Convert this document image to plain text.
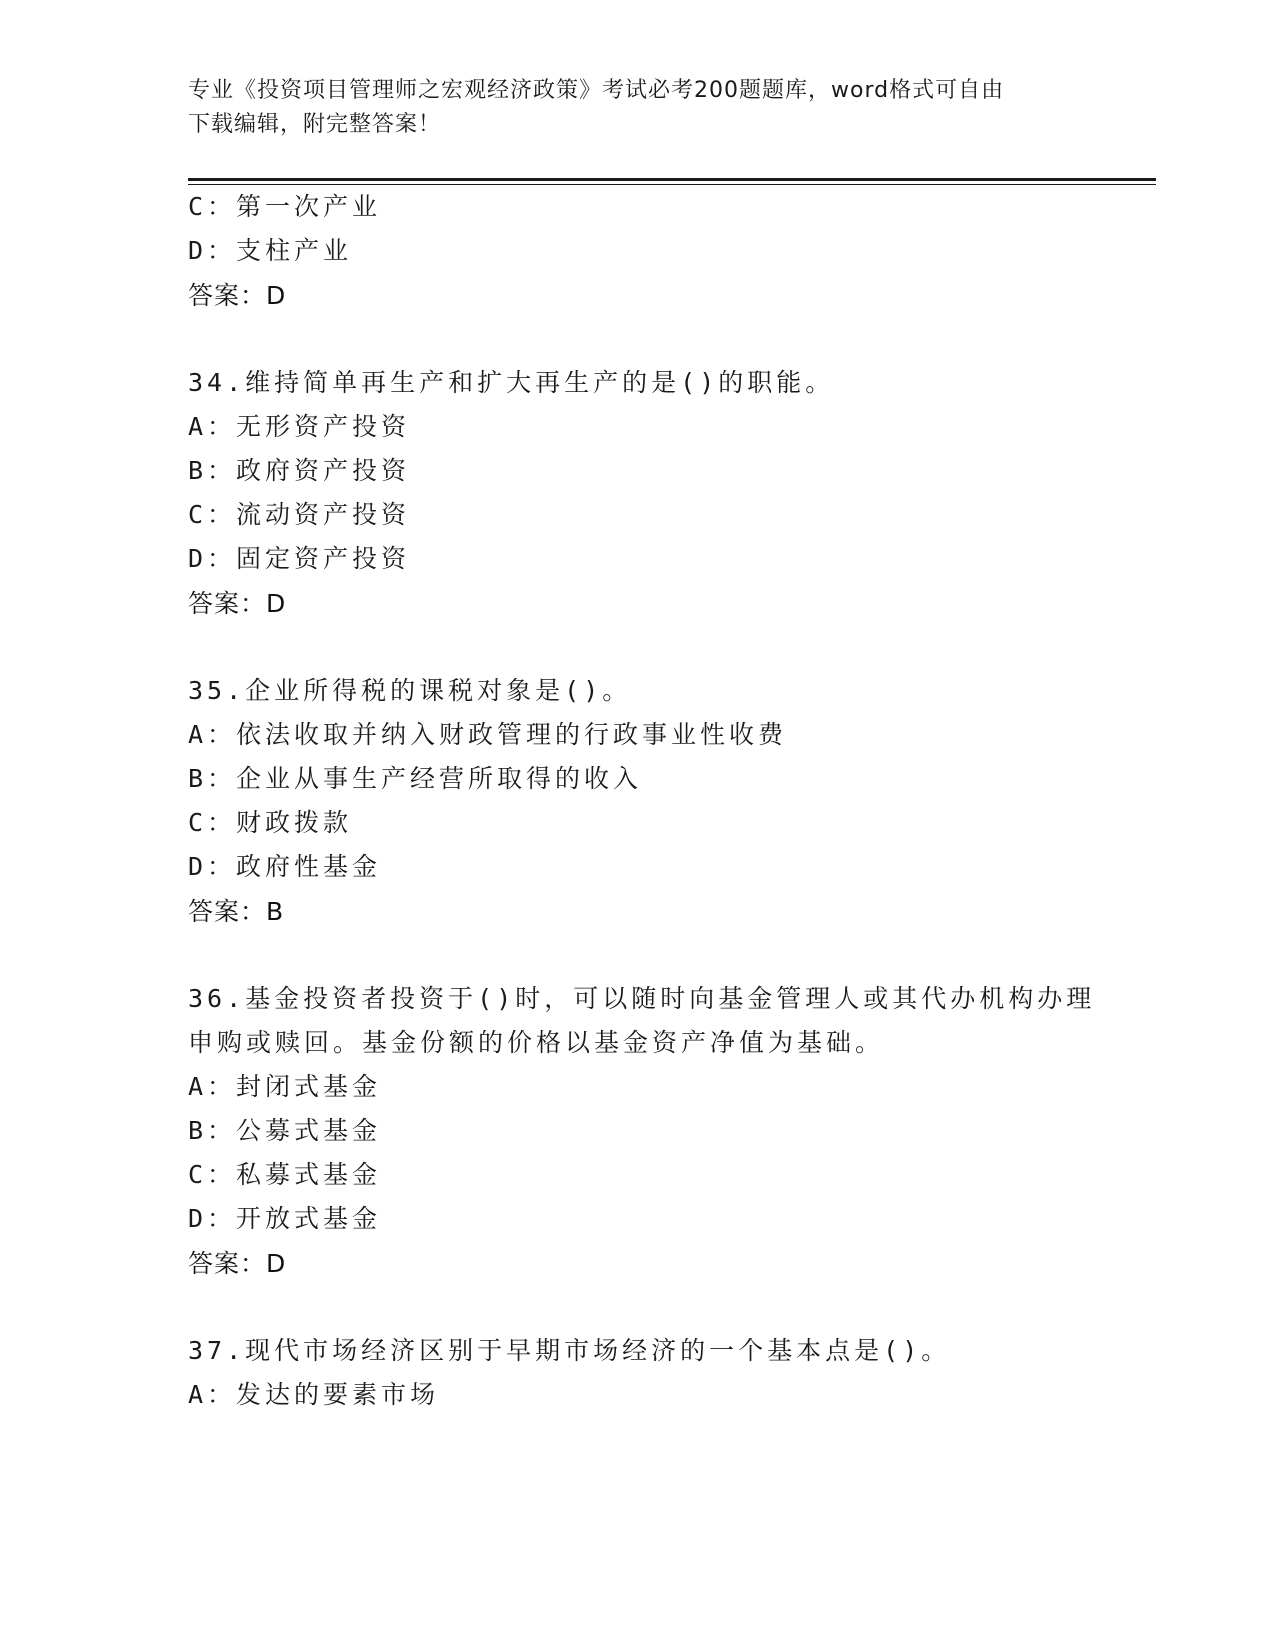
专业《投资项目管理师之宏观经济政策》考试必考200题题库，word格式可自由
下载编辑，附完整答案！
C：第一次产业
D：支柱产业
答案：D
34.维持简单再生产和扩大再生产的是()的职能。
A：无形资产投资
B：政府资产投资
C：流动资产投资
D：固定资产投资
答案：D
35.企业所得税的课税对象是()。
A：依法收取并纳入财政管理的行政事业性收费
B：企业从事生产经营所取得的收入
C：财政拨款
D：政府性基金
答案：B
36.基金投资者投资于()时，可以随时向基金管理人或其代办机构办理
申购或赎回。基金份额的价格以基金资产净值为基础。
A：封闭式基金
B：公募式基金
C：私募式基金
D：开放式基金
答案：D
37.现代市场经济区别于早期市场经济的一个基本点是()。
A：发达的要素市场
